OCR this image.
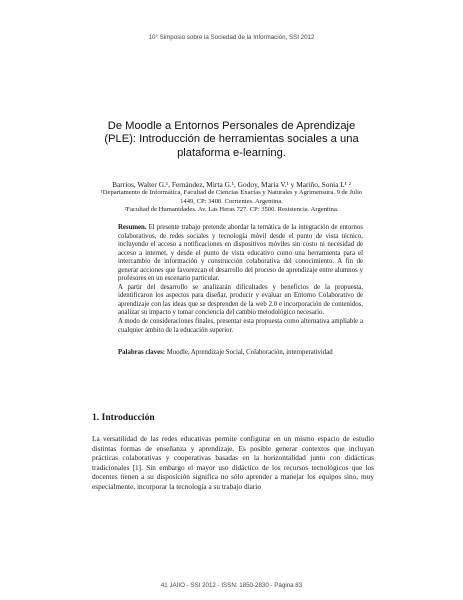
10° Simposio sobre la Sociedad de la Información, SSI 2012
De Moodle a Entornos Personales de Aprendizaje
(PLE): Introducción de herramientas sociales a una
plataforma e-learning.
Barrios, Walter G.¹, Fernández, Mirta G.¹, Godoy, María V.¹ y Mariño, Sonia I.¹ ²
¹Departamento de Informática, Facultad de Ciencias Exactas y Naturales y Agrimensura. 9 de Julio
1449, CP: 3400. Corrientes. Argentina.
²Facultad de Humanidades. Av. Las Heras 727. CP: 3500. Resistencia. Argentina.

Resumen. El presente trabajo pretende abordar la temática de la integración de entornos colaborativos, de redes sociales y tecnología móvil desde el punto de vista técnico, incluyendo el acceso a notificaciones en dispositivos móviles sin costo ni necesidad de acceso a internet, y desde el punto de vista educativo como una herramienta para el intercambio de información y construcción colaborativa del conocimiento. A fin de generar acciones que favorezcan el desarrollo del proceso de aprendizaje entre alumnos y profesores en un escenario particular.

A partir del desarrollo se analizarán dificultades y beneficios de la propuesta, identificaron los aspectos para diseñar, producir y evaluar un Entorno Colaborativo de aprendizaje con las ideas que se desprenden de la web 2.0 e incorporación de contenidos, analizar su impacto y tomar conciencia del cambio metodológico necesario.

A modo de consideraciones finales, presentar esta propuesta como alternativa ampliable a cualquier ámbito de la educación superior.

Palabras claves: Moodle, Aprendizaje Social, Colaboración, interoperatividad
1. Introducción

La versatilidad de las redes educativas permite configurar en un mismo espacio de estudio distintas formas de enseñanza y aprendizaje. Es posible generar contextos que incluyan prácticas colaborativas y cooperativas basadas en la horizontalidad junto con didácticas tradicionales [1]. Sin embargo el mayor uso didáctico de los recursos tecnológicos que los docentes tienen a su disposición significa no sólo aprender a manejar los equipos sino, muy especialmente, incorporar la tecnología a su trabajo diario

41 JAIIO - SSI 2012 - ISSN: 1850-2830 - Página 83
